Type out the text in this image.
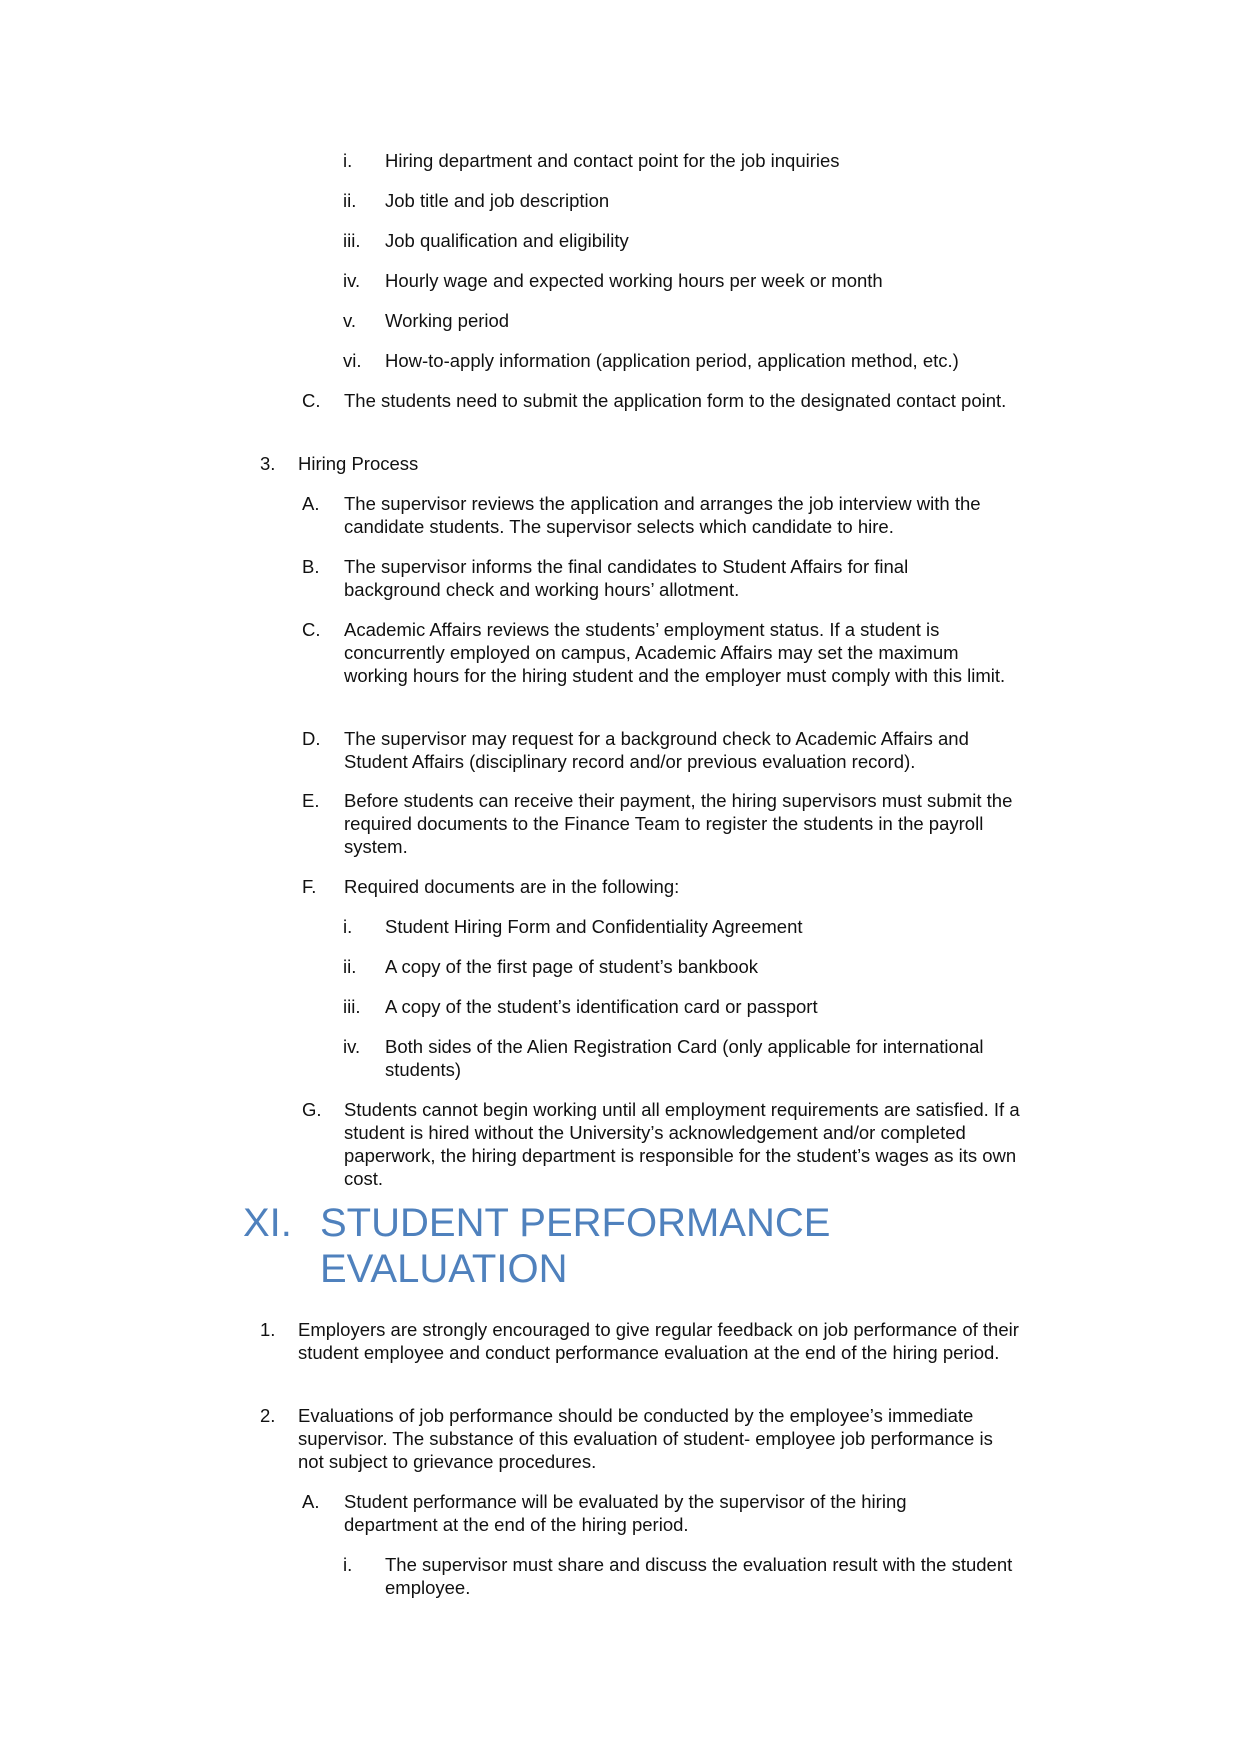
i. Hiring department and contact point for the job inquiries
ii. Job title and job description
iii. Job qualification and eligibility
iv. Hourly wage and expected working hours per week or month
v. Working period
vi. How-to-apply information (application period, application method, etc.)
C. The students need to submit the application form to the designated contact point.
3. Hiring Process
A. The supervisor reviews the application and arranges the job interview with the candidate students. The supervisor selects which candidate to hire.
B. The supervisor informs the final candidates to Student Affairs for final background check and working hours’ allotment.
C. Academic Affairs reviews the students’ employment status. If a student is concurrently employed on campus, Academic Affairs may set the maximum working hours for the hiring student and the employer must comply with this limit.
D. The supervisor may request for a background check to Academic Affairs and Student Affairs (disciplinary record and/or previous evaluation record).
E. Before students can receive their payment, the hiring supervisors must submit the required documents to the Finance Team to register the students in the payroll system.
F. Required documents are in the following:
i. Student Hiring Form and Confidentiality Agreement
ii. A copy of the first page of student’s bankbook
iii. A copy of the student’s identification card or passport
iv. Both sides of the Alien Registration Card (only applicable for international students)
G. Students cannot begin working until all employment requirements are satisfied. If a student is hired without the University’s acknowledgement and/or completed paperwork, the hiring department is responsible for the student’s wages as its own cost.
XI. STUDENT PERFORMANCE EVALUATION
1. Employers are strongly encouraged to give regular feedback on job performance of their student employee and conduct performance evaluation at the end of the hiring period.
2. Evaluations of job performance should be conducted by the employee’s immediate supervisor. The substance of this evaluation of student- employee job performance is not subject to grievance procedures.
A. Student performance will be evaluated by the supervisor of the hiring department at the end of the hiring period.
i. The supervisor must share and discuss the evaluation result with the student employee.
